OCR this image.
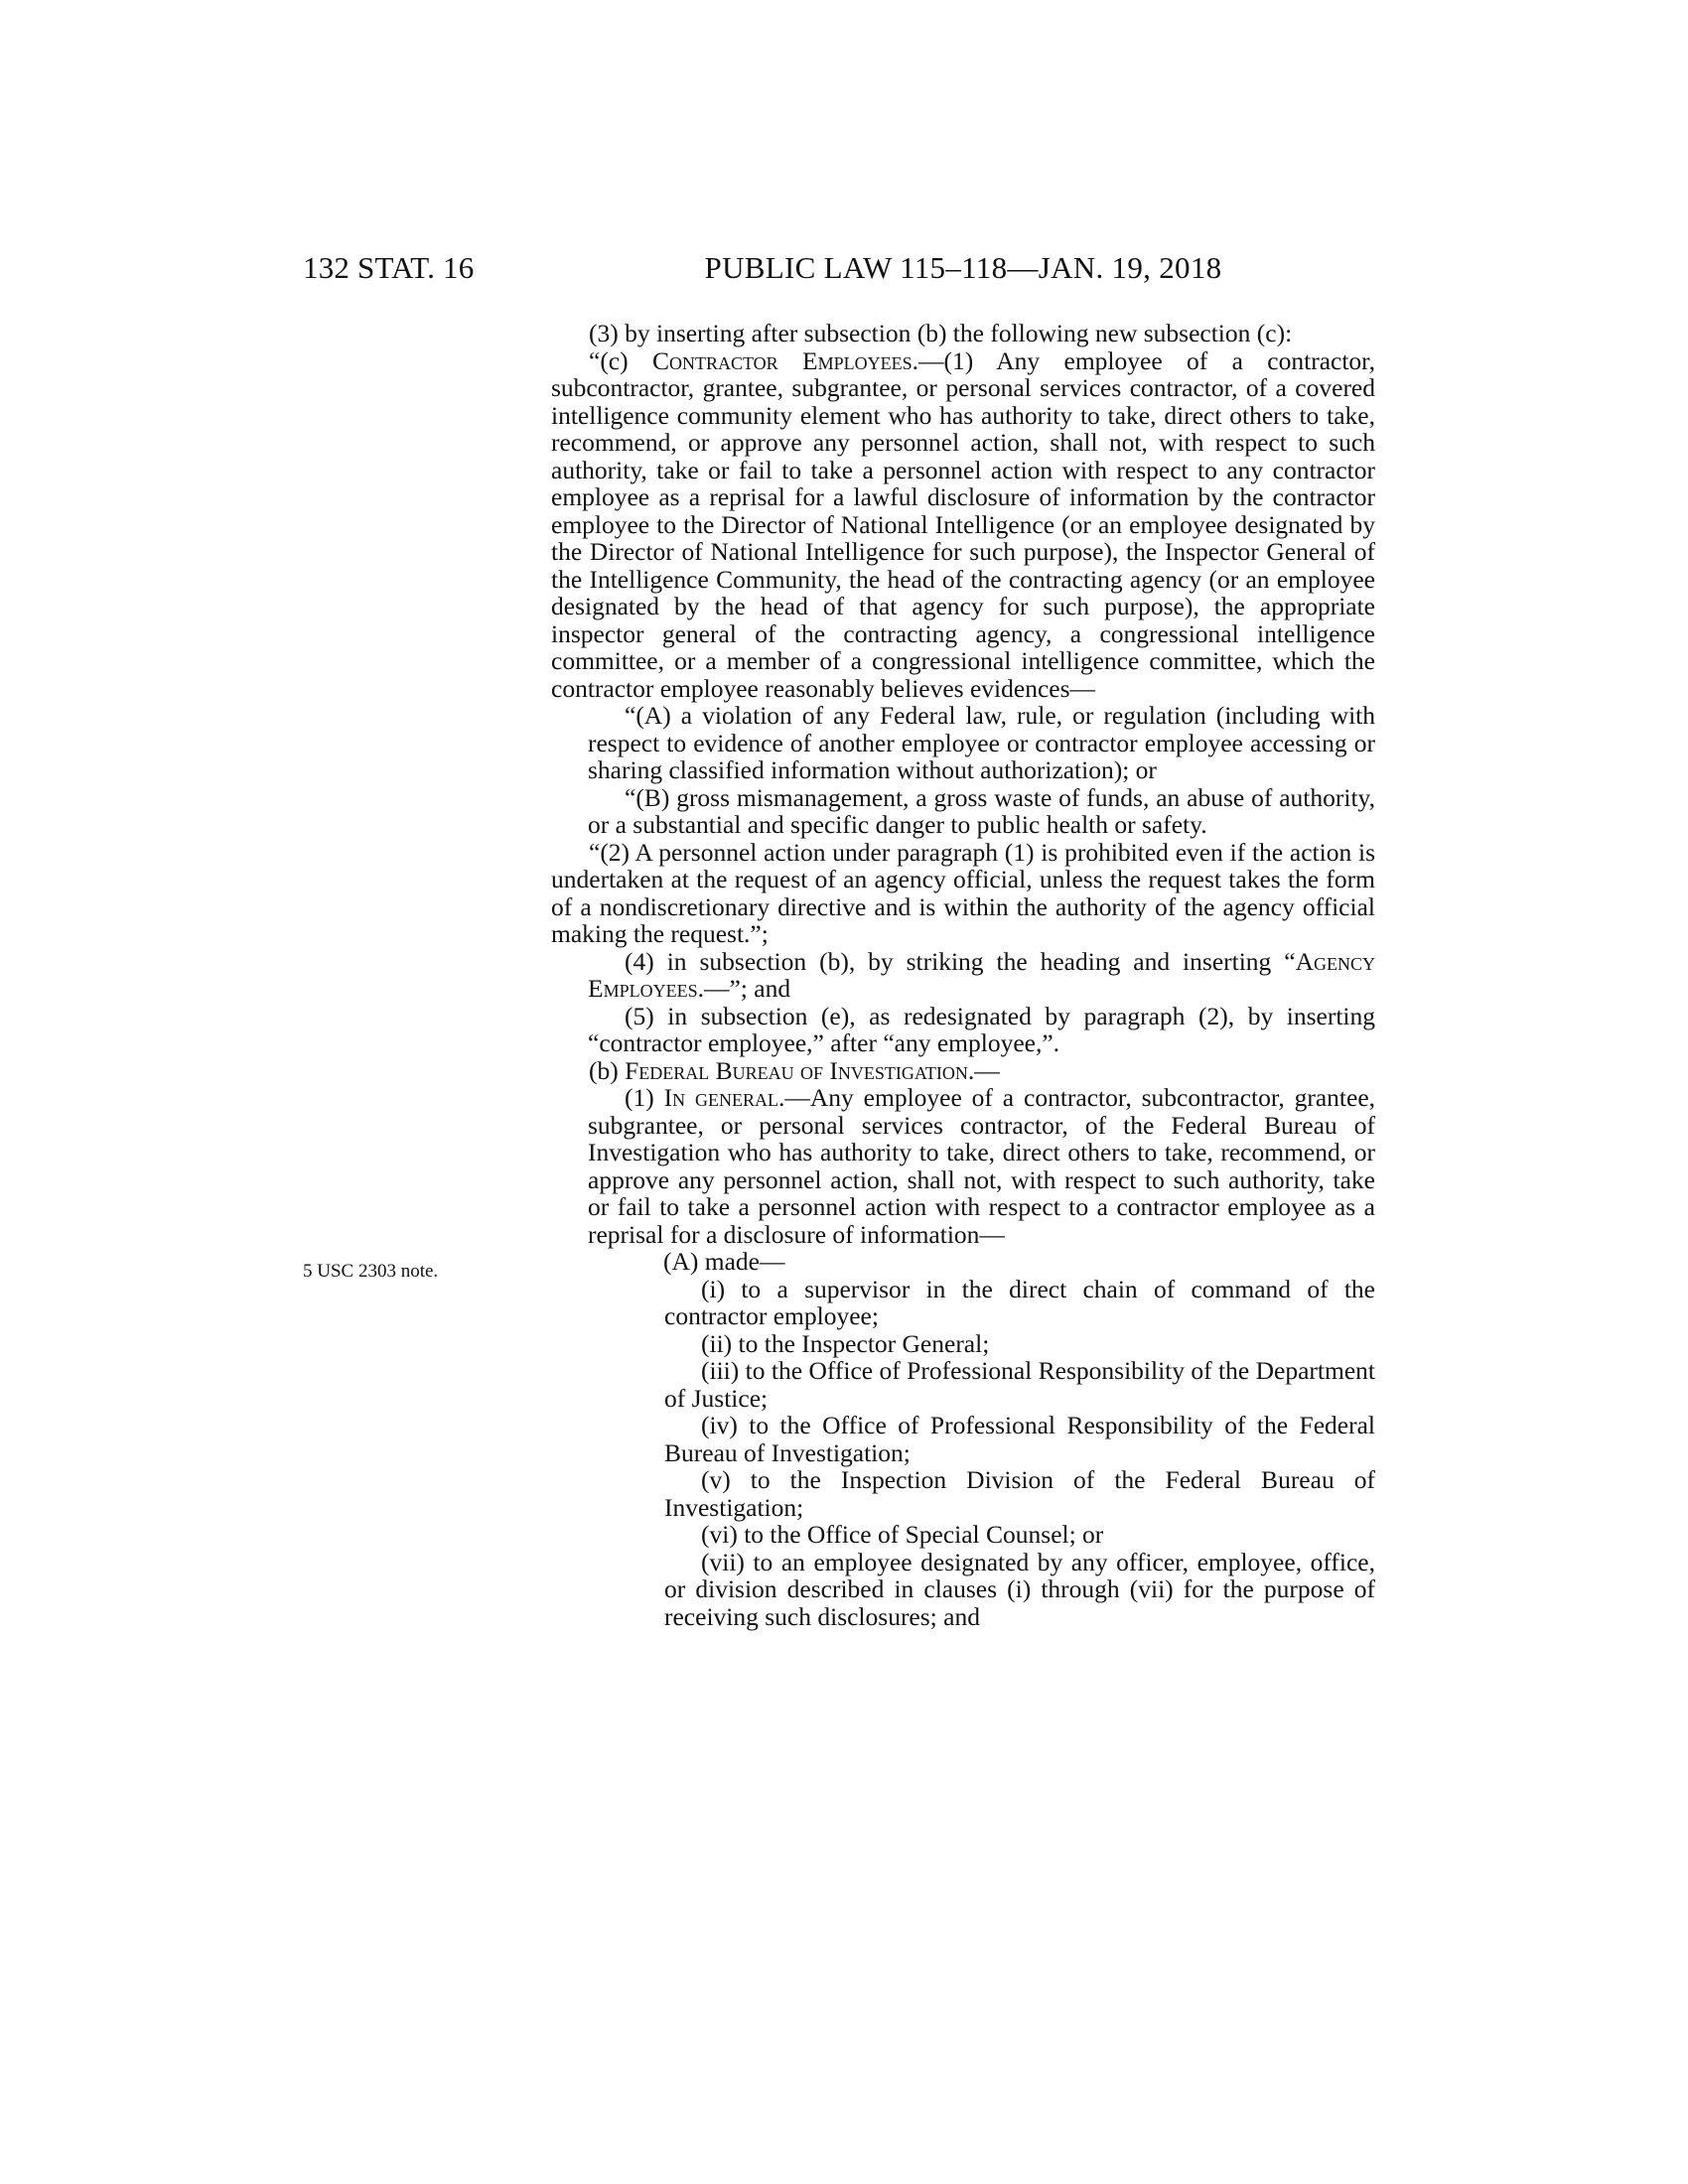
132 STAT. 16	PUBLIC LAW 115–118—JAN. 19, 2018
5 USC 2303 note.

(3) by inserting after subsection (b) the following new subsection (c):

“(c) Contractor Employees.—(1) Any employee of a contractor, subcontractor, grantee, subgrantee, or personal services contractor, of a covered intelligence community element who has authority to take, direct others to take, recommend, or approve any personnel action, shall not, with respect to such authority, take or fail to take a personnel action with respect to any contractor employee as a reprisal for a lawful disclosure of information by the contractor employee to the Director of National Intelligence (or an employee designated by the Director of National Intelligence for such purpose), the Inspector General of the Intelligence Community, the head of the contracting agency (or an employee designated by the head of that agency for such purpose), the appropriate inspector general of the contracting agency, a congressional intelligence committee, or a member of a congressional intelligence committee, which the contractor employee reasonably believes evidences—

“(A) a violation of any Federal law, rule, or regulation (including with respect to evidence of another employee or contractor employee accessing or sharing classified information without authorization); or

“(B) gross mismanagement, a gross waste of funds, an abuse of authority, or a substantial and specific danger to public health or safety.

“(2) A personnel action under paragraph (1) is prohibited even if the action is undertaken at the request of an agency official, unless the request takes the form of a nondiscretionary directive and is within the authority of the agency official making the request.”;

(4) in subsection (b), by striking the heading and inserting “Agency Employees.—”; and

(5) in subsection (e), as redesignated by paragraph (2), by inserting “contractor employee,” after “any employee,”.

(b) Federal Bureau of Investigation.—

(1) In general.—Any employee of a contractor, subcontractor, grantee, subgrantee, or personal services contractor, of the Federal Bureau of Investigation who has authority to take, direct others to take, recommend, or approve any personnel action, shall not, with respect to such authority, take or fail to take a personnel action with respect to a contractor employee as a reprisal for a disclosure of information—

(A) made—

(i) to a supervisor in the direct chain of command of the contractor employee;

(ii) to the Inspector General;

(iii) to the Office of Professional Responsibility of the Department of Justice;

(iv) to the Office of Professional Responsibility of the Federal Bureau of Investigation;

(v) to the Inspection Division of the Federal Bureau of Investigation;

(vi) to the Office of Special Counsel; or

(vii) to an employee designated by any officer, employee, office, or division described in clauses (i) through (vii) for the purpose of receiving such disclosures; and
